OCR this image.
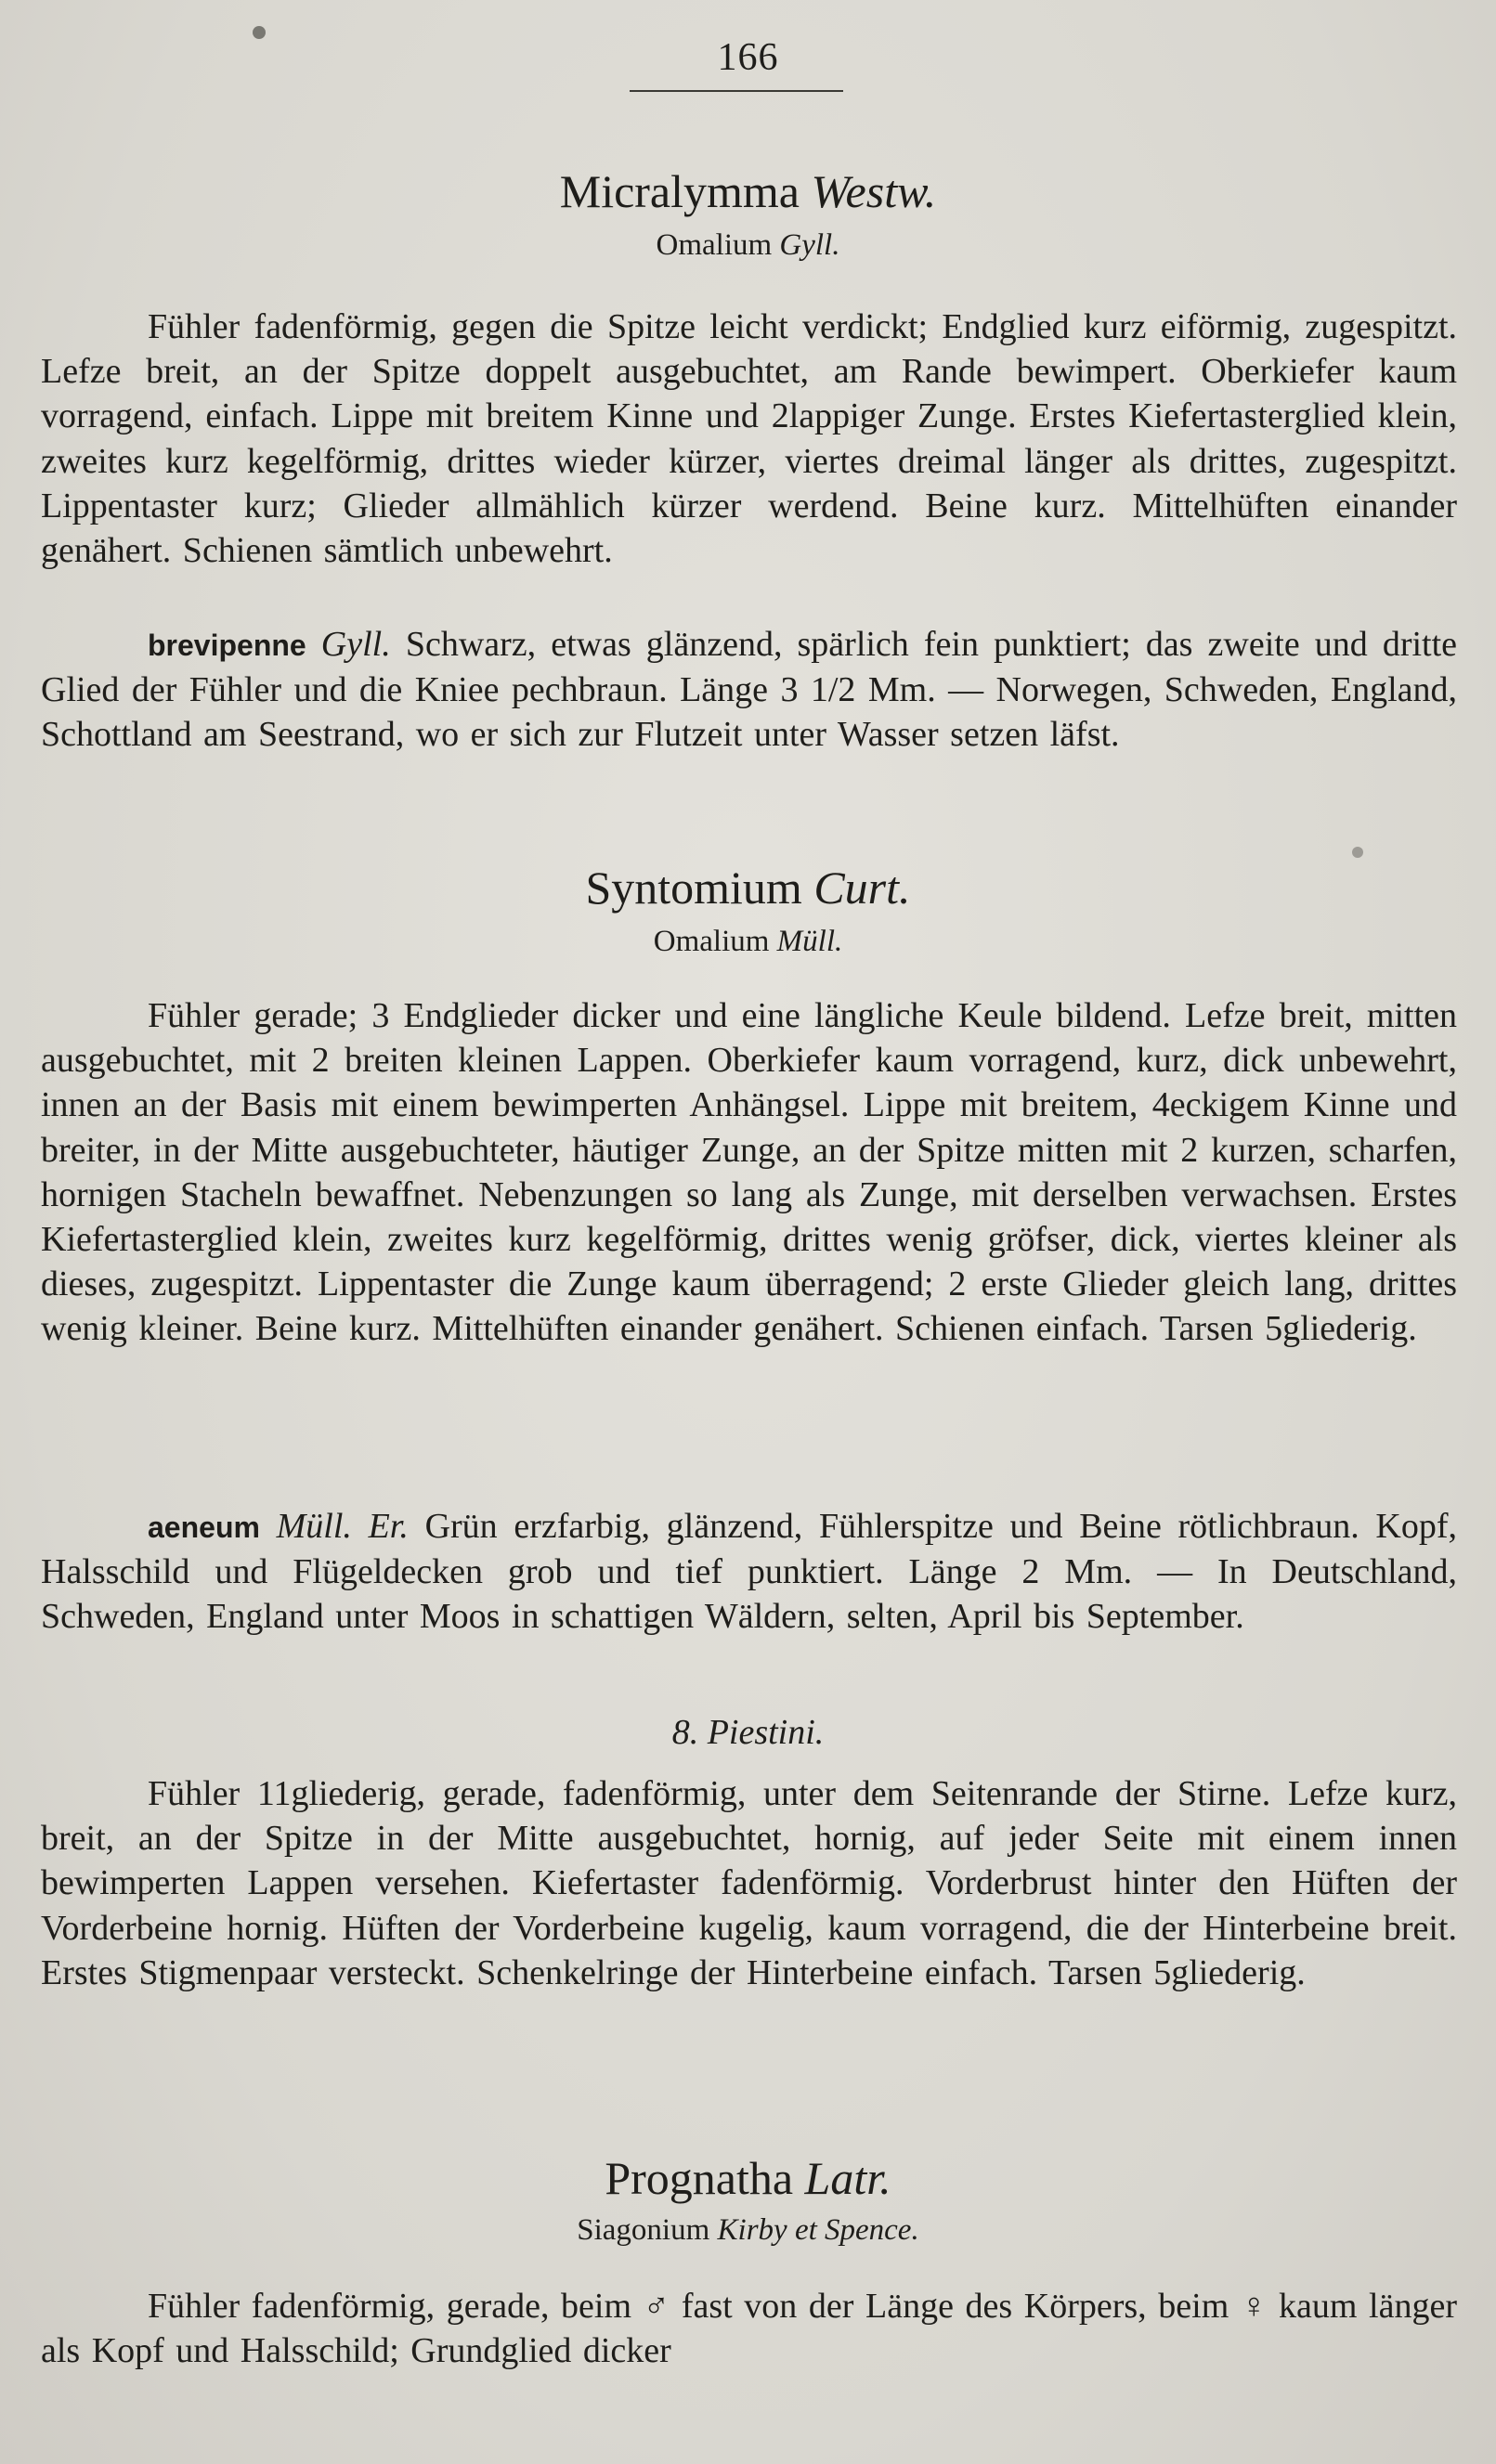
166
Micralymma Westw.
Omalium Gyll.
Fühler fadenförmig, gegen die Spitze leicht verdickt; Endglied kurz eiförmig, zugespitzt. Lefze breit, an der Spitze doppelt ausgebuchtet, am Rande bewimpert. Oberkiefer kaum vorragend, einfach. Lippe mit breitem Kinne und 2lappiger Zunge. Erstes Kiefertasterglied klein, zweites kurz kegelförmig, drittes wieder kürzer, viertes dreimal länger als drittes, zugespitzt. Lippentaster kurz; Glieder allmählich kürzer werdend. Beine kurz. Mittelhüften einander genähert. Schienen sämtlich unbewehrt.
brevipenne Gyll. Schwarz, etwas glänzend, spärlich fein punktiert; das zweite und dritte Glied der Fühler und die Kniee pechbraun. Länge 3 1/2 Mm. — Norwegen, Schweden, England, Schottland am Seestrand, wo er sich zur Flutzeit unter Wasser setzen läfst.
Syntomium Curt.
Omalium Müll.
Fühler gerade; 3 Endglieder dicker und eine längliche Keule bildend. Lefze breit, mitten ausgebuchtet, mit 2 breiten kleinen Lappen. Oberkiefer kaum vorragend, kurz, dick unbewehrt, innen an der Basis mit einem bewimperten Anhängsel. Lippe mit breitem, 4eckigem Kinne und breiter, in der Mitte ausgebuchteter, häutiger Zunge, an der Spitze mitten mit 2 kurzen, scharfen, hornigen Stacheln bewaffnet. Nebenzungen so lang als Zunge, mit derselben verwachsen. Erstes Kiefertasterglied klein, zweites kurz kegelförmig, drittes wenig gröfser, dick, viertes kleiner als dieses, zugespitzt. Lippentaster die Zunge kaum überragend; 2 erste Glieder gleich lang, drittes wenig kleiner. Beine kurz. Mittelhüften einander genähert. Schienen einfach. Tarsen 5gliederig.
aeneum Müll. Er. Grün erzfarbig, glänzend, Fühlerspitze und Beine rötlichbraun. Kopf, Halsschild und Flügeldecken grob und tief punktiert. Länge 2 Mm. — In Deutschland, Schweden, England unter Moos in schattigen Wäldern, selten, April bis September.
8. Piestini.
Fühler 11gliederig, gerade, fadenförmig, unter dem Seitenrande der Stirne. Lefze kurz, breit, an der Spitze in der Mitte ausgebuchtet, hornig, auf jeder Seite mit einem innen bewimperten Lappen versehen. Kiefertaster fadenförmig. Vorderbrust hinter den Hüften der Vorderbeine hornig. Hüften der Vorderbeine kugelig, kaum vorragend, die der Hinterbeine breit. Erstes Stigmenpaar versteckt. Schenkelringe der Hinterbeine einfach. Tarsen 5gliederig.
Prognatha Latr.
Siagonium Kirby et Spence.
Fühler fadenförmig, gerade, beim ♂ fast von der Länge des Körpers, beim ♀ kaum länger als Kopf und Halsschild; Grundglied dicker
